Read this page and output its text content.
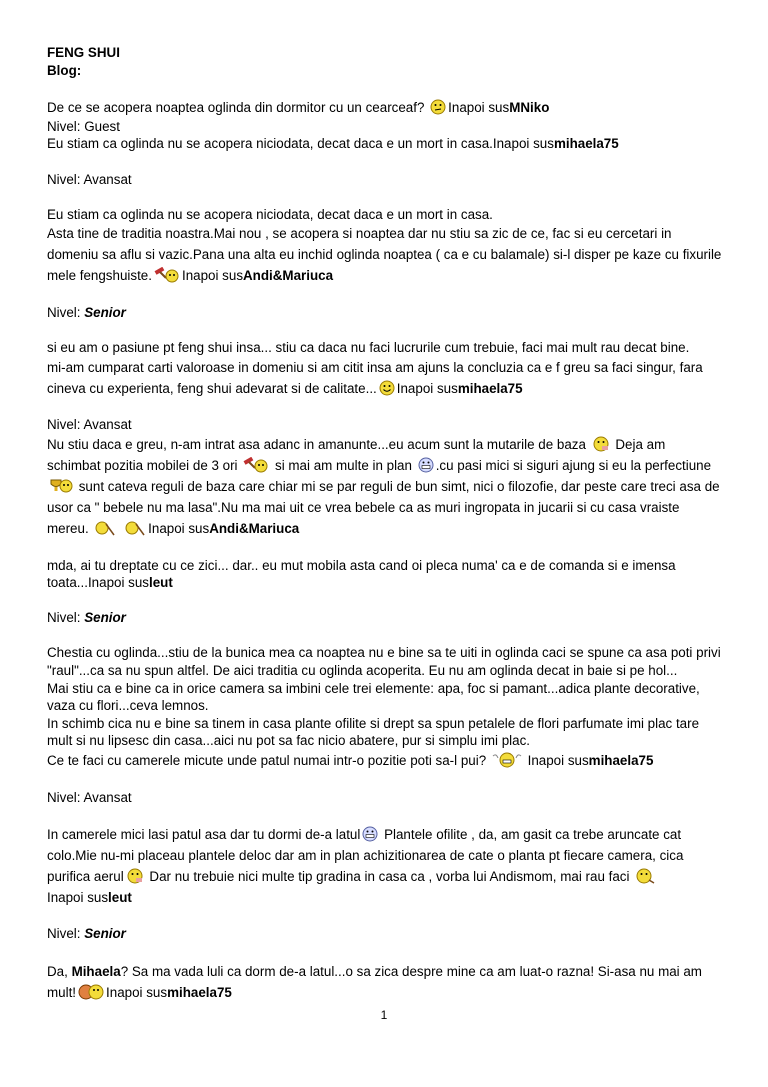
FENG SHUI

Blog:

De ce se acopera noaptea oglinda din dormitor cu un cearceaf? Inapoi susMNiko

Nivel: Guest

Eu stiam ca oglinda nu se acopera niciodata, decat daca e un mort in casa.Inapoi susmihaela75

Nivel: Avansat

Eu stiam ca oglinda nu se acopera niciodata, decat daca e un mort in casa.

Asta tine de traditia noastra.Mai nou , se acopera si noaptea dar nu stiu sa zic de ce, fac si eu cercetari in domeniu sa aflu si vazic.Pana una alta eu inchid oglinda noaptea ( ca e cu balamale) si-l disper pe kaze cu fixurile mele fengshuiste. Inapoi susAndi&Mariuca

Nivel: Senior

si eu am o pasiune pt feng shui insa... stiu ca daca nu faci lucrurile cum trebuie, faci mai mult rau decat bine.

mi-am cumparat carti valoroase in domeniu si am citit insa am ajuns la concluzia ca e f greu sa faci singur, fara cineva cu experienta, feng shui adevarat si de calitate... Inapoi susmihaela75

Nivel: Avansat

Nu stiu daca e greu, n-am intrat asa adanc in amanunte...eu acum sunt la mutarile de baza Deja am schimbat pozitia mobilei de 3 ori	si mai am multe in plan .cu pasi mici si siguri ajung si eu la perfectiune  sunt cateva reguli de baza care chiar mi se par reguli de bun simt, nici o filozofie, dar peste care treci asa de usor ca " bebele nu ma lasa".Nu ma mai uit ce vrea bebele ca as muri ingropata in jucarii si cu casa vraiste mereu.	Inapoi susAndi&Mariuca

mda, ai tu dreptate cu ce zici... dar.. eu mut mobila asta cand oi pleca numa' ca e de comanda si e imensa toata...Inapoi susleut

Nivel: Senior

Chestia cu oglinda...stiu de la bunica mea ca noaptea nu e bine sa te uiti in oglinda caci se spune ca asa poti privi "raul"...ca sa nu spun altfel. De aici traditia cu oglinda acoperita. Eu nu am oglinda decat in baie si pe hol...

Mai stiu ca e bine ca in orice camera sa imbini cele trei elemente: apa, foc si pamant...adica plante decorative, vaza cu flori...ceva lemnos.

In schimb cica nu e bine sa tinem in casa plante ofilite si drept sa spun petalele de flori parfumate imi plac tare mult si nu lipsesc din casa...aici nu pot sa fac nicio abatere, pur si simplu imi plac.

Ce te faci cu camerele micute unde patul numai intr-o pozitie poti sa-l pui?	Inapoi susmihaela75

Nivel: Avansat

In camerele mici lasi patul asa dar tu dormi de-a latul Plantele ofilite , da, am gasit ca trebe aruncate cat colo.Mie nu-mi placeau plantele deloc dar am in plan achizitionarea de cate o planta pt fiecare camera, cica purifica aerul Dar nu trebuie nici multe tip gradina in casa ca , vorba lui Andismom, mai rau faci
Inapoi susleut

Nivel: Senior

Da, Mihaela? Sa ma vada luli ca dorm de-a latul...o sa zica despre mine ca am luat-o razna! Si-asa nu mai am mult! Inapoi susmihaela75

1
